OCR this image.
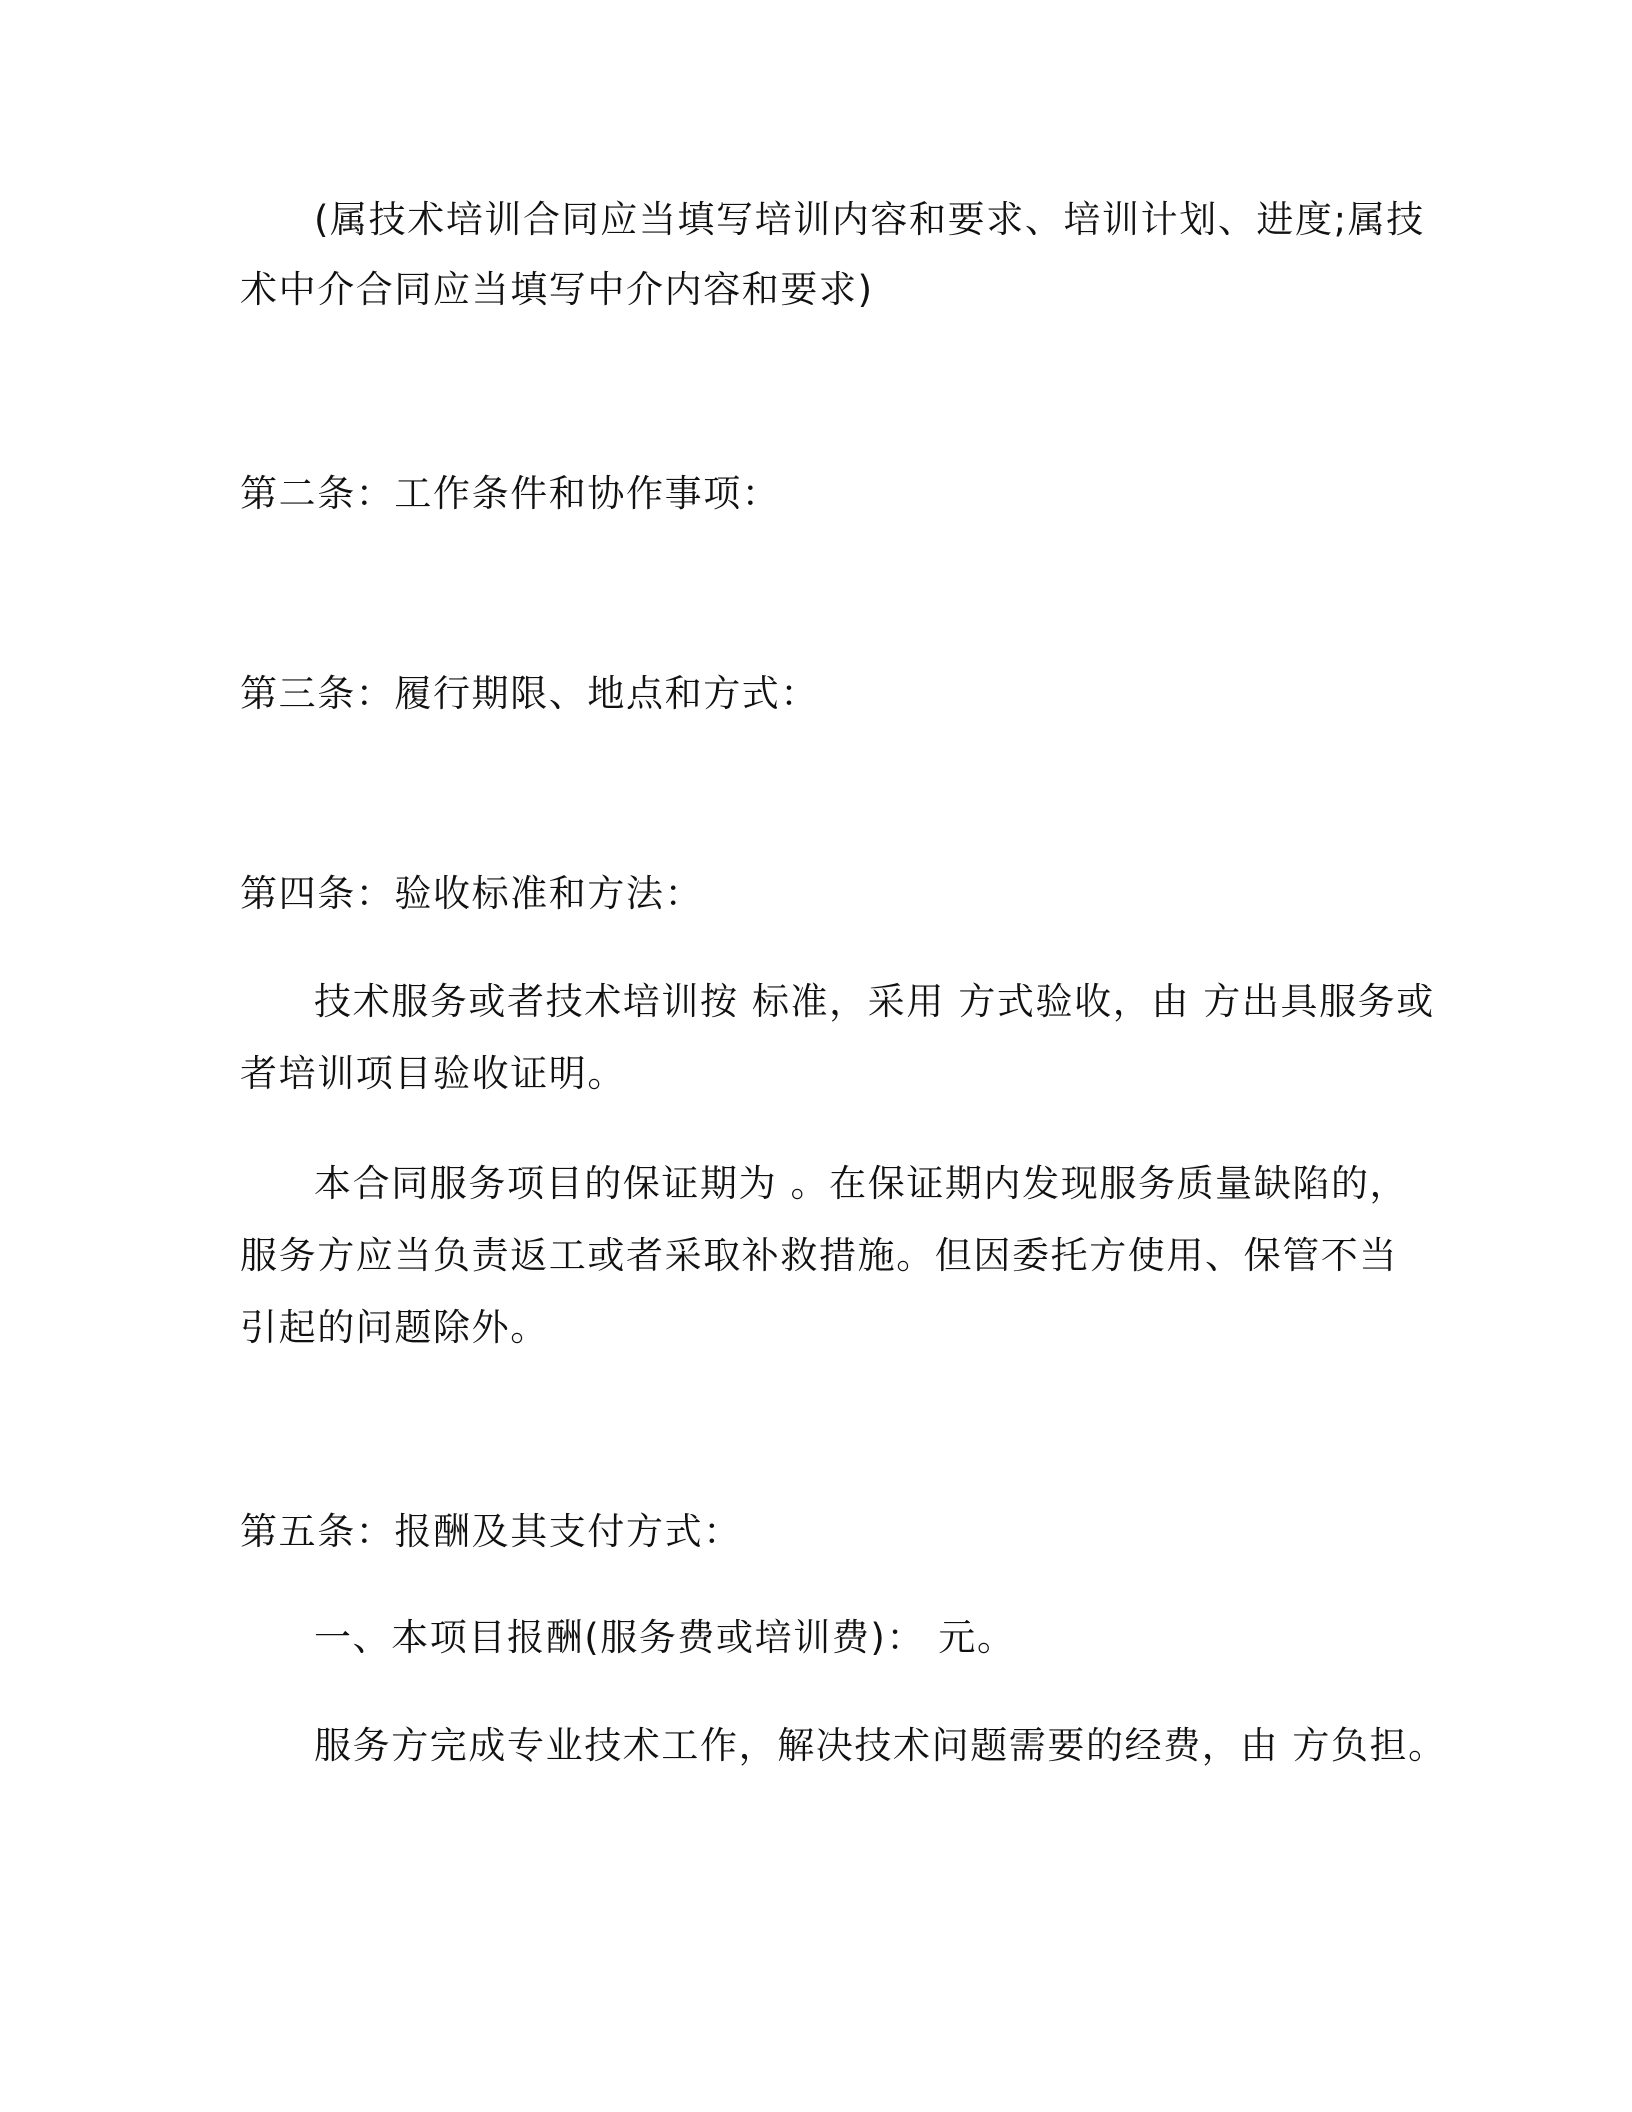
(属技术培训合同应当填写培训内容和要求、培训计划、进度;属技

术中介合同应当填写中介内容和要求)

第二条：工作条件和协作事项：

第三条：履行期限、地点和方式：

第四条：验收标准和方法：

技术服务或者技术培训按 标准，采用 方式验收，由 方出具服务或

者培训项目验收证明。

本合同服务项目的保证期为 。在保证期内发现服务质量缺陷的，

服务方应当负责返工或者采取补救措施。但因委托方使用、保管不当

引起的问题除外。

第五条：报酬及其支付方式：

一、本项目报酬(服务费或培训费)： 元。

服务方完成专业技术工作，解决技术问题需要的经费，由 方负担。
